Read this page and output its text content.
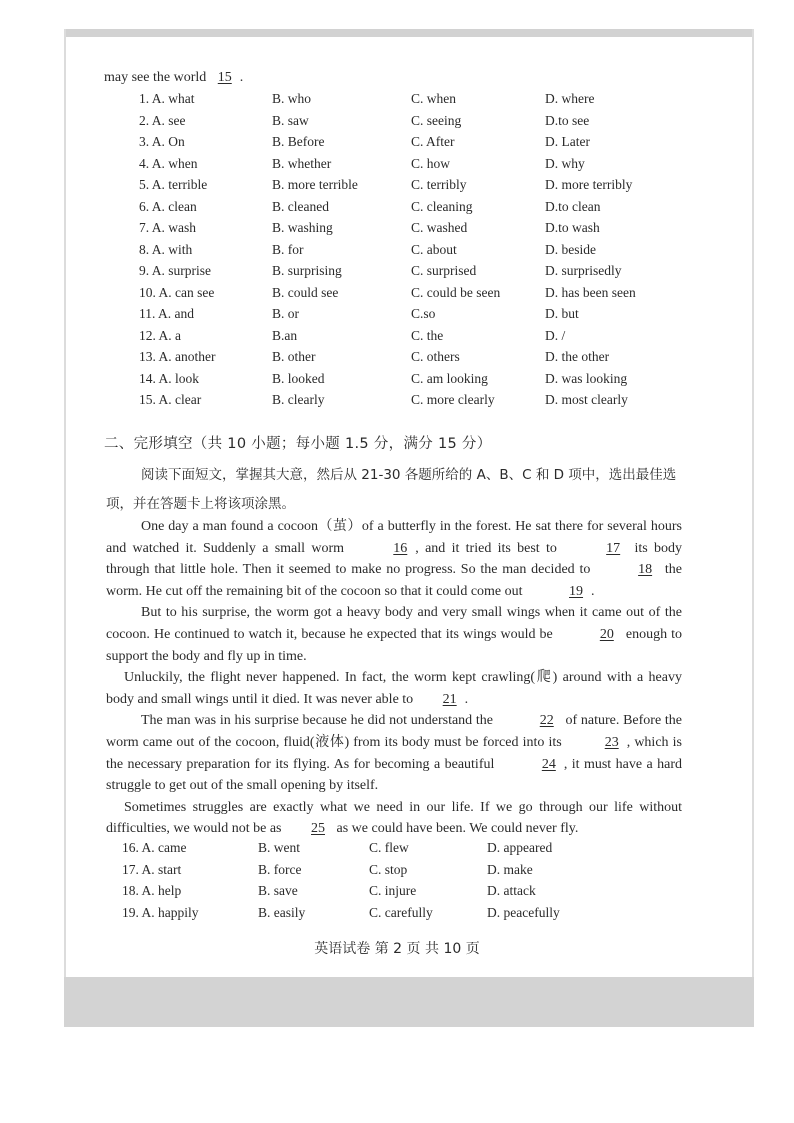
may see the world 15 .
1. A. what	B. who	C. when	D. where
2. A. see	B. saw	C. seeing	D.to see
3. A. On	B. Before	C. After	D. Later
4. A. when	B. whether	C. how	D. why
5. A. terrible	B. more terrible	C. terribly	D. more terribly
6. A. clean	B. cleaned	C. cleaning	D.to clean
7. A. wash	B. washing	C. washed	D.to wash
8. A. with	B. for	C. about	D. beside
9. A. surprise	B. surprising	C. surprised	D. surprisedly
10. A. can see	B. could see	C. could be seen	D. has been seen
11. A. and	B. or	C.so	D. but
12. A. a	B.an	C. the	D. /
13. A. another	B. other	C. others	D. the other
14. A. look	B. looked	C. am looking	D. was looking
15. A. clear	B. clearly	C. more clearly	D. most clearly
二、完形填空（共 10 小题；每小题 1.5 分，满分 15 分）
阅读下面短文，掌握其大意，然后从 21-30 各题所给的 A、B、C 和 D 项中，选出最佳选项，并在答题卡上将该项涂黑。

One day a man found a cocoon（茧）of a butterfly in the forest. He sat there for several hours and watched it. Suddenly a small worm	16 , and it tried its best to	17 its body through that little hole. Then it seemed to make no progress. So the man decided to	18 the worm. He cut off the remaining bit of the cocoon so that it could come out	19 .

But to his surprise, the worm got a heavy body and very small wings when it came out of the cocoon. He continued to watch it, because he expected that its wings would be	20 enough to support the body and fly up in time.

Unluckily, the flight never happened. In fact, the worm kept crawling(爬) around with a heavy body and small wings until it died. It was never able to 21 .

The man was in his surprise because he did not understand the	22 of nature. Before the worm came out of the cocoon, fluid(液体) from its body must be forced into its	23 , which is the necessary preparation for its flying. As for becoming a beautiful	24 , it must have a hard struggle to get out of the small opening by itself.

Sometimes struggles are exactly what we need in our life. If we go through our life without difficulties, we would not be as 25 as we could have been. We could never fly.

16. A. came	B. went	C. flew	D. appeared
17. A. start	B. force	C. stop	D. make
18. A. help	B. save	C. injure	D. attack
19. A. happily	B. easily	C. carefully	D. peacefully
英语试卷 第 2 页 共 10 页
